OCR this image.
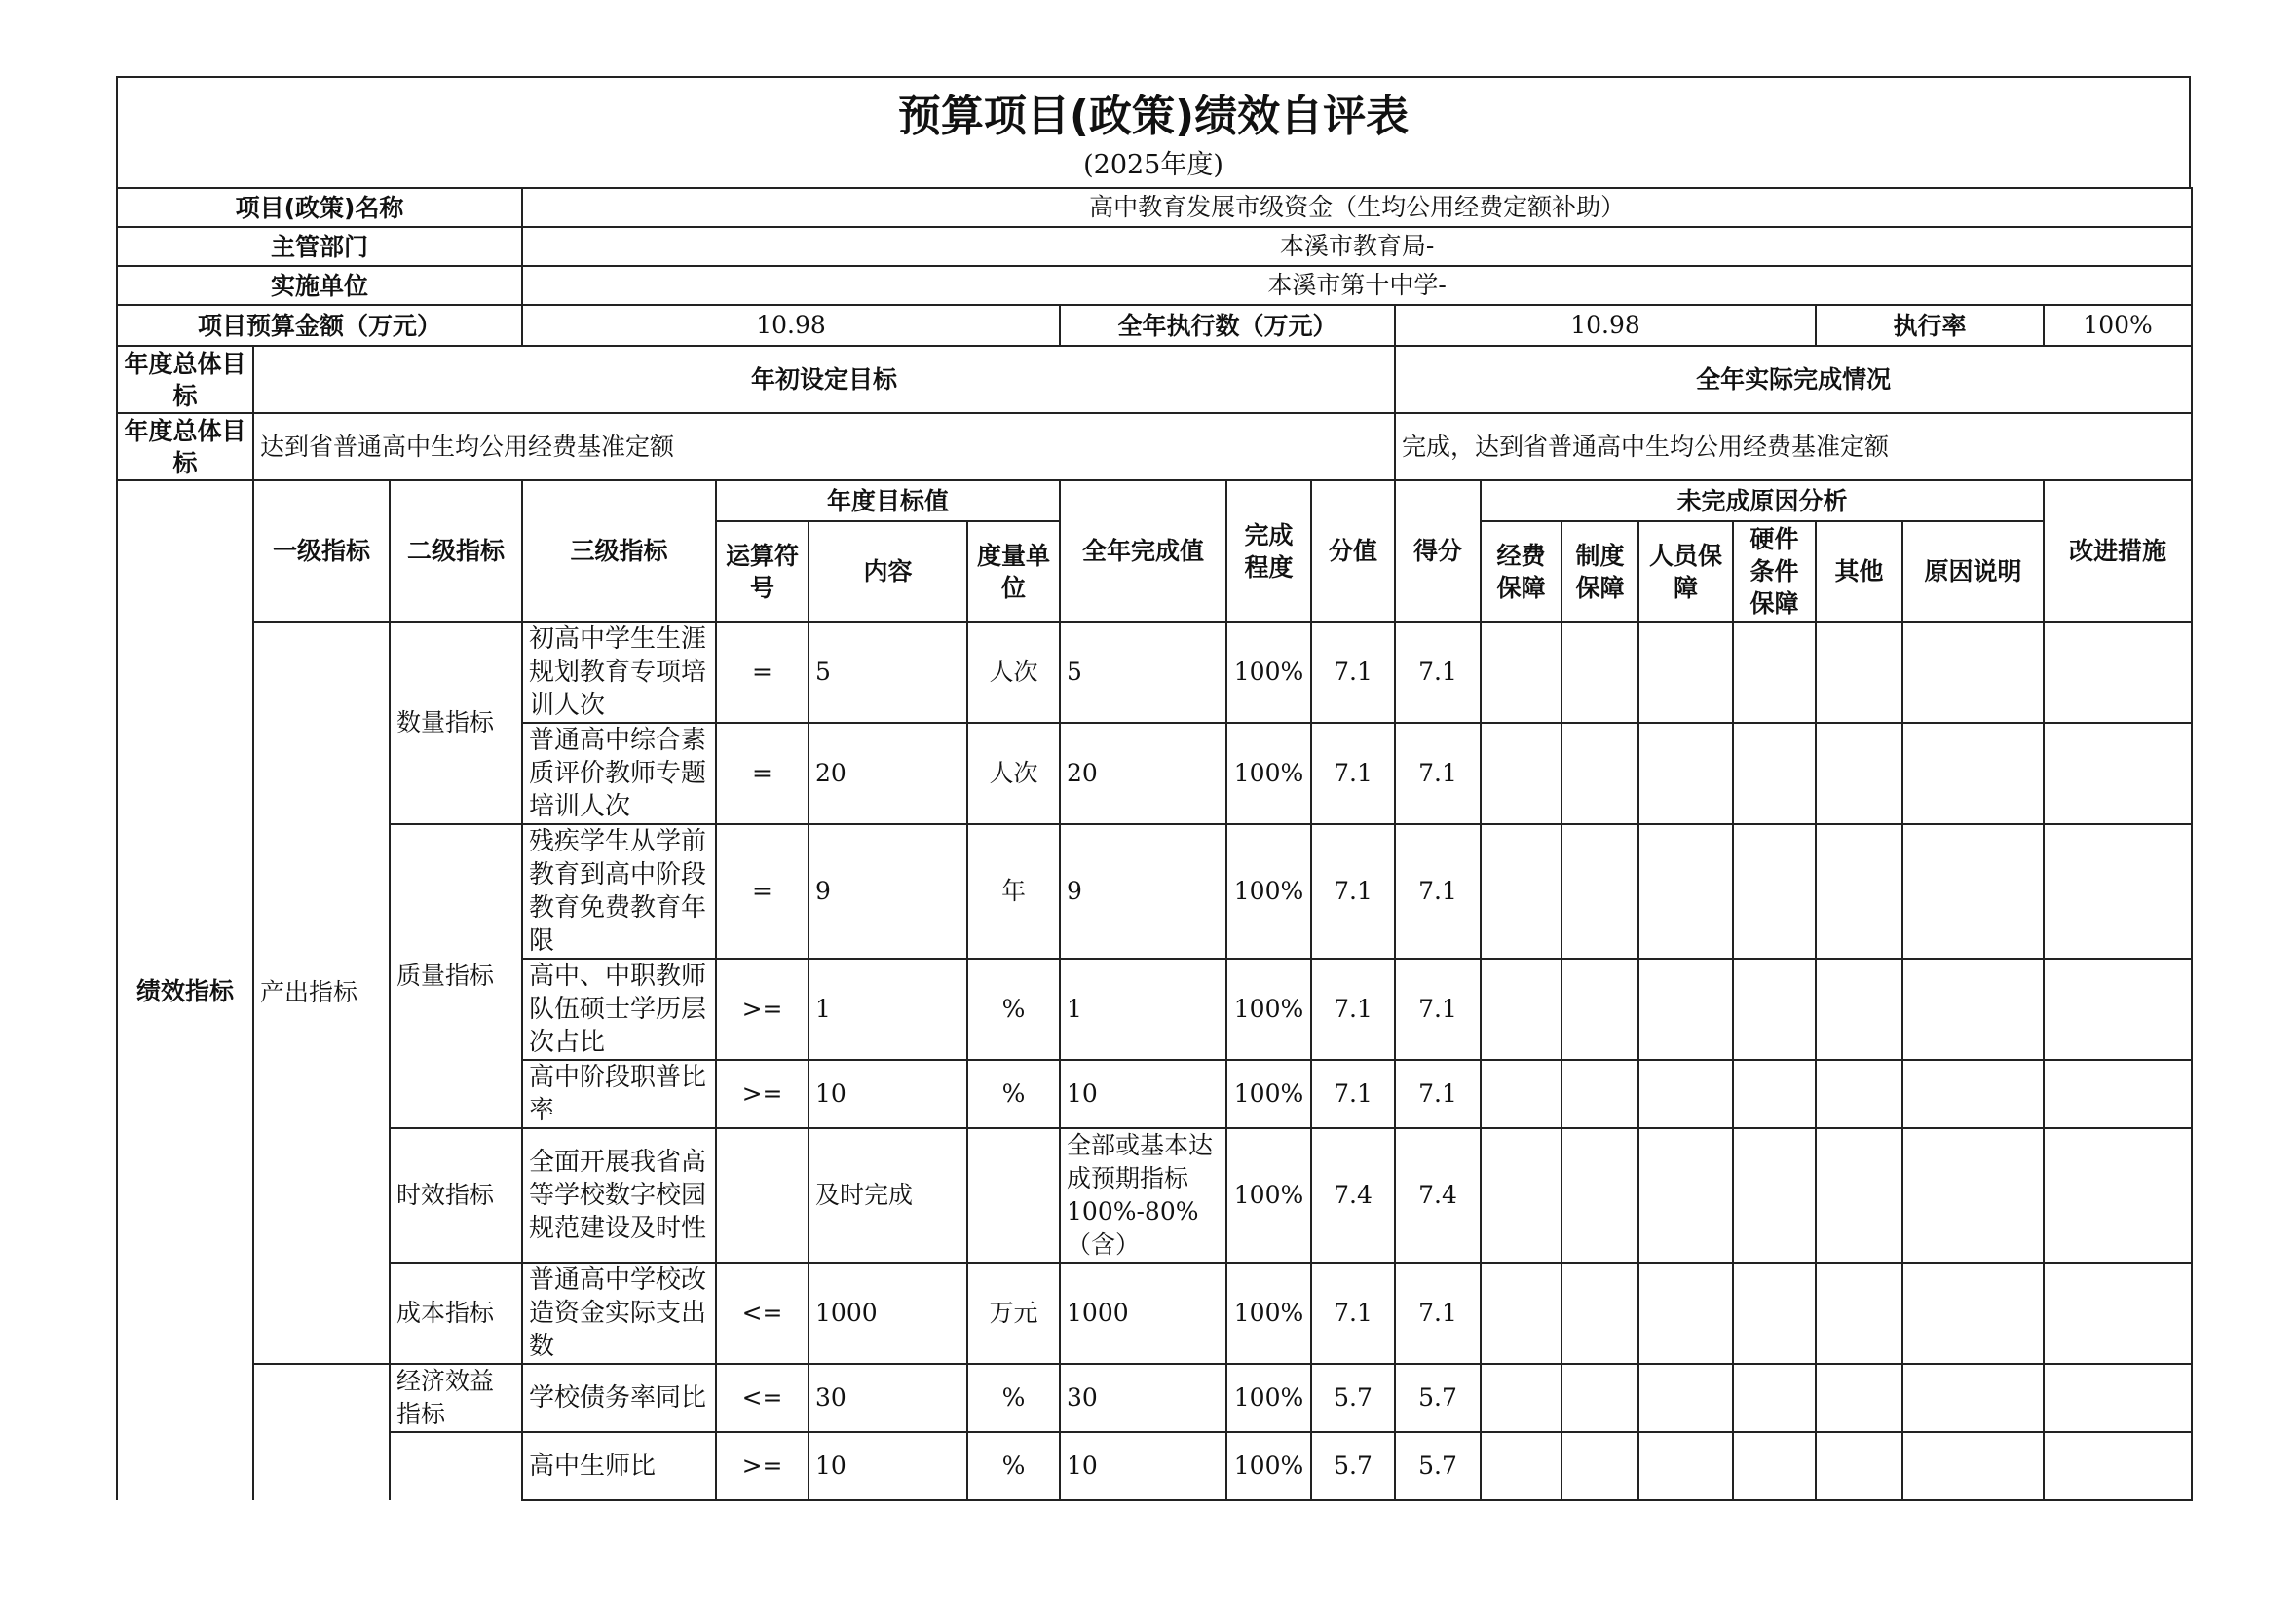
预算项目(政策)绩效自评表
(2025年度)
项目(政策)名称			高中教育发展市级资金（生均公用经费定额补助）														
主管部门			本溪市教育局-														
实施单位			本溪市第十中学-														
项目预算金额（万元）			10.98				全年执行数（万元）			10.98					执行率		100%
年度总体目标	年初设定目标									全年实际完成情况							
年度总体目标	达到省普通高中生均公用经费基准定额									完成，达到省普通高中生均公用经费基准定额							
绩效指标	一级指标	二级指标	三级指标	年度目标值			全年完成值	完成程度	分值	得分	未完成原因分析						改进措施
				运算符号	内容	度量单位					经费保障	制度保障	人员保障	硬件条件保障	其他	原因说明	
	产出指标	数量指标	初高中学生生涯规划教育专项培训人次	=	5	人次	5	100%	7.1	7.1							
			普通高中综合素质评价教师专题培训人次	=	20	人次	20	100%	7.1	7.1							
		质量指标	残疾学生从学前教育到高中阶段教育免费教育年限	=	9	年	9	100%	7.1	7.1							
			高中、中职教师队伍硕士学历层次占比	>=	1	%	1	100%	7.1	7.1							
			高中阶段职普比率	>=	10	%	10	100%	7.1	7.1							
		时效指标	全面开展我省高等学校数字校园规范建设及时性		及时完成		全部或基本达成预期指标100%-80%（含）	100%	7.4	7.4							
		成本指标	普通高中学校改造资金实际支出数	<=	1000	万元	1000	100%	7.1	7.1							
		经济效益指标	学校债务率同比	<=	30	%	30	100%	5.7	5.7							
			高中生师比	>=	10	%	10	100%	5.7	5.7							
